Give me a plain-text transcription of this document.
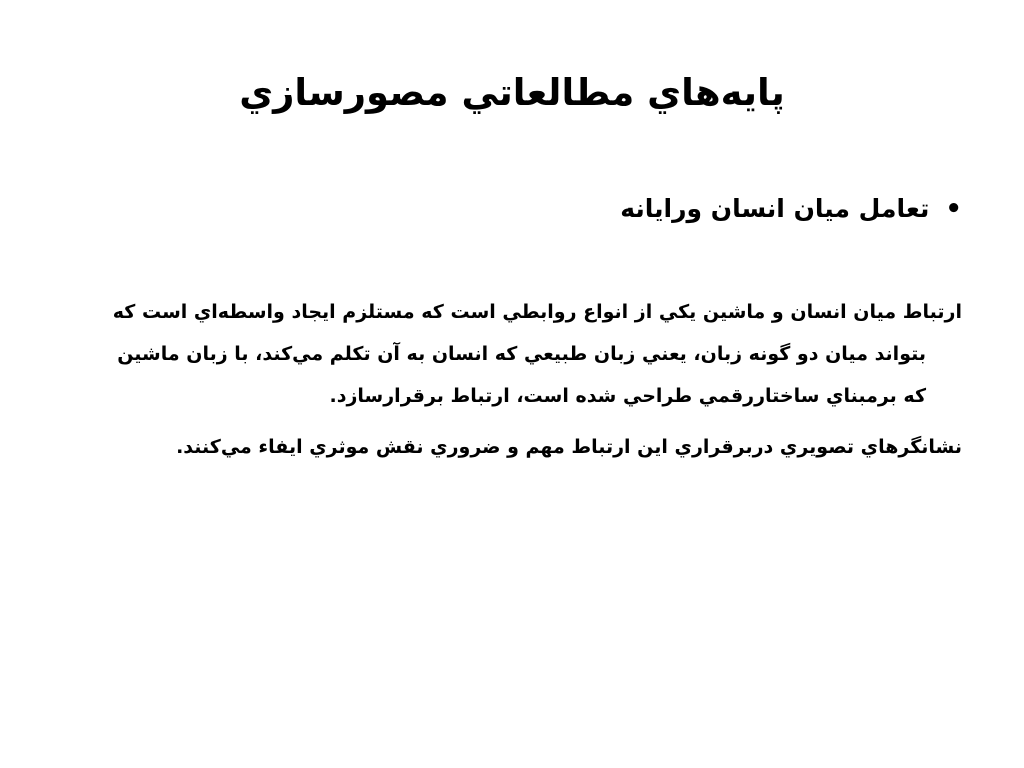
پايه‌هاي مطالعاتي مصورسازي
•تعامل ميان انسان ورايانه
ارتباط ميان انسان و ماشين يكي از انواع روابطي است كه مستلزم ايجاد واسطه‌اي است كه
بتواند ميان دو گونه زبان، يعني زبان طبيعي كه انسان به آن تكلم مي‌كند، با زبان ماشين
كه برمبناي ساختاررقمي طراحي شده است، ارتباط برقرارسازد.
نشانگرهاي تصويري دربرقراري اين ارتباط مهم و ضروري نقش موثري ايفاء مي‌كنند.
